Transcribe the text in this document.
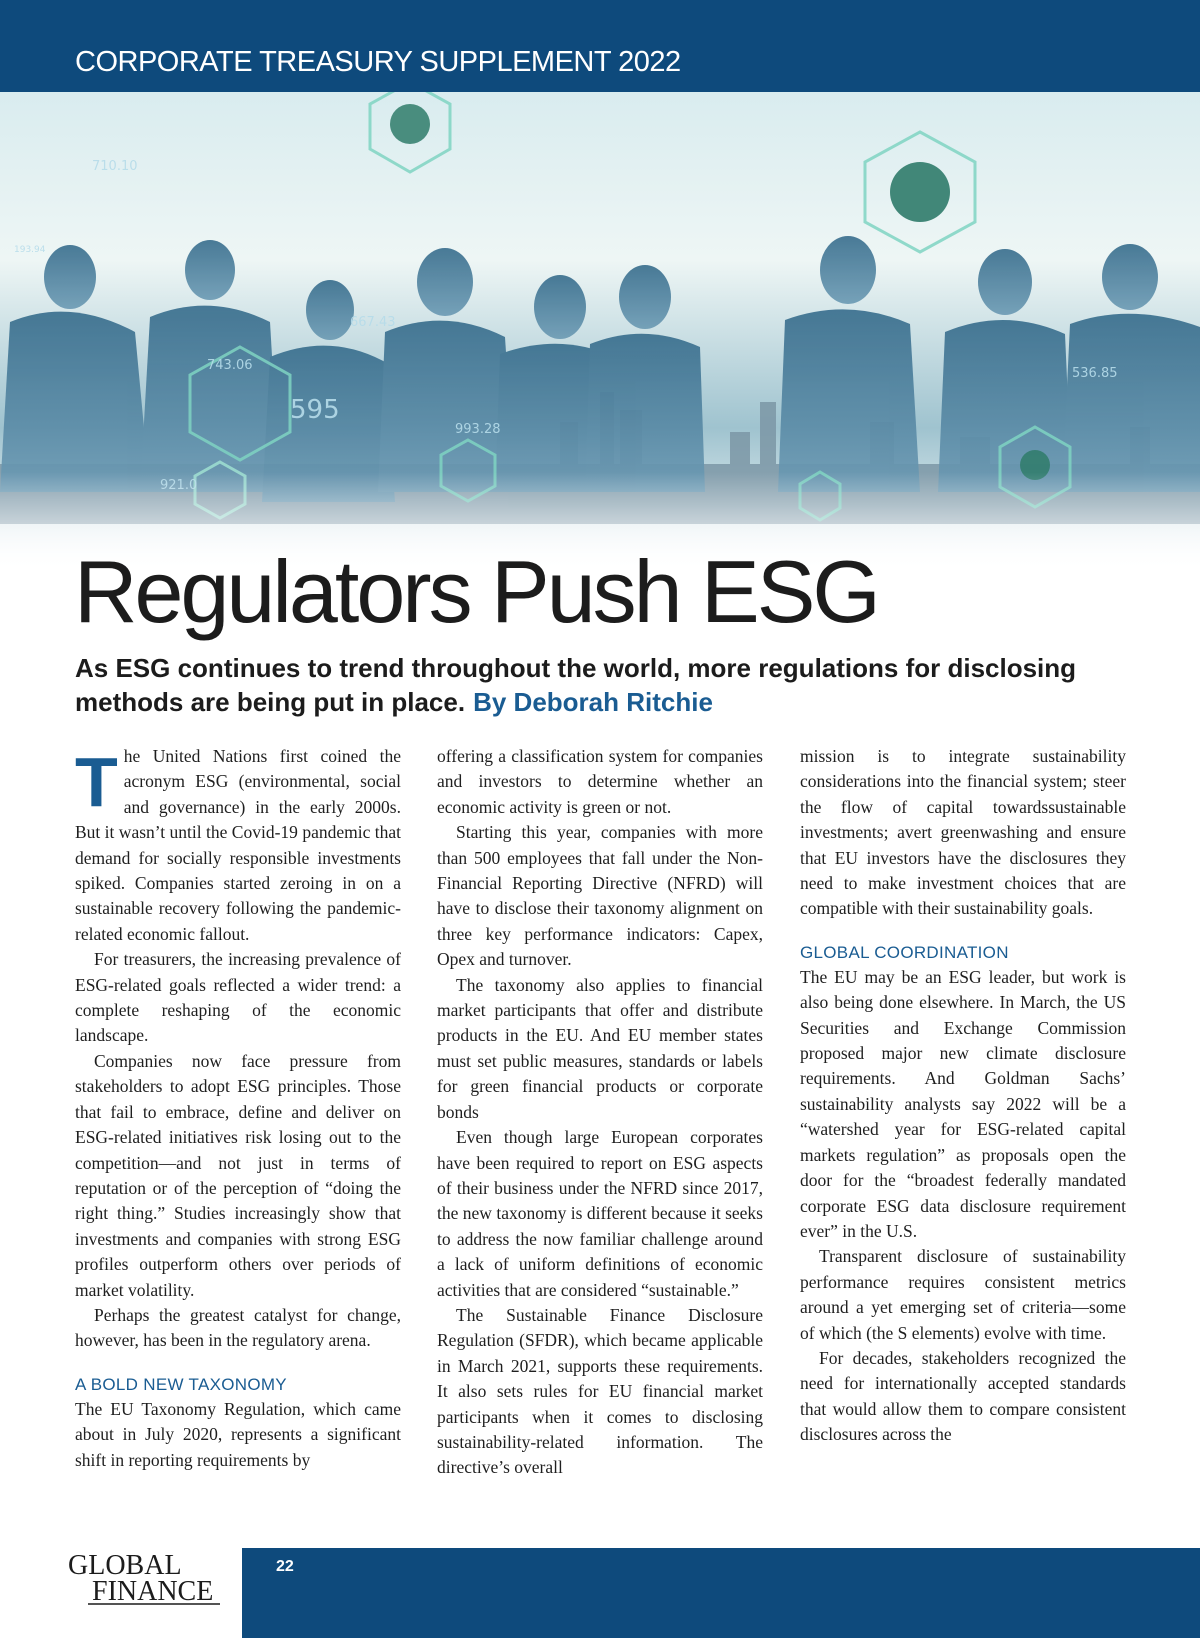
CORPORATE TREASURY SUPPLEMENT 2022
710.10
667.43
743.06
595
993.28
536.85
193.94
Regulators Push ESG
As ESG continues to trend throughout the world, more regulations for disclosing methods are being put in place. By Deborah Ritchie

The United Nations first coined the acronym ESG (environmental, social and governance) in the early 2000s. But it wasn’t until the Covid-19 pandemic that demand for socially responsible investments spiked. Companies started zeroing in on a sustainable recovery following the pandemic-related economic fallout.

For treasurers, the increasing prevalence of ESG-related goals reflected a wider trend: a complete reshaping of the economic landscape.

Companies now face pressure from stakeholders to adopt ESG principles. Those that fail to embrace, define and deliver on ESG-related initiatives risk losing out to the competition—and not just in terms of reputation or of the perception of “doing the right thing.” Studies increasingly show that investments and companies with strong ESG profiles outperform others over periods of market volatility.

Perhaps the greatest catalyst for change, however, has been in the regulatory arena.

A BOLD NEW TAXONOMY

The EU Taxonomy Regulation, which came about in July 2020, represents a significant shift in reporting requirements by

offering a classification system for companies and investors to determine whether an economic activity is green or not.

Starting this year, companies with more than 500 employees that fall under the Non-Financial Reporting Directive (NFRD) will have to disclose their taxonomy alignment on three key performance indicators: Capex, Opex and turnover.

The taxonomy also applies to financial market participants that offer and distribute products in the EU. And EU member states must set public measures, standards or labels for green financial products or corporate bonds

Even though large European corporates have been required to report on ESG aspects of their business under the NFRD since 2017, the new taxonomy is different because it seeks to address the now familiar challenge around a lack of uniform definitions of economic activities that are considered “sustainable.”

The Sustainable Finance Disclosure Regulation (SFDR), which became applicable in March 2021, supports these requirements. It also sets rules for EU financial market participants when it comes to disclosing sustainability-related information. The directive’s overall

mission is to integrate sustainability considerations into the financial system; steer the flow of capital towardssustainable investments; avert greenwashing and ensure that EU investors have the disclosures they need to make investment choices that are compatible with their sustainability goals.

GLOBAL COORDINATION

The EU may be an ESG leader, but work is also being done elsewhere. In March, the US Securities and Exchange Commission proposed major new climate disclosure requirements. And Goldman Sachs’ sustainability analysts say 2022 will be a “watershed year for ESG-related capital markets regulation” as proposals open the door for the “broadest federally mandated corporate ESG data disclosure requirement ever” in the U.S.

Transparent disclosure of sustainability performance requires consistent metrics around a yet emerging set of criteria—some of which (the S elements) evolve with time.

For decades, stakeholders recognized the need for internationally accepted standards that would allow them to compare consistent disclosures across the

GLOBAL
FINANCE
22
